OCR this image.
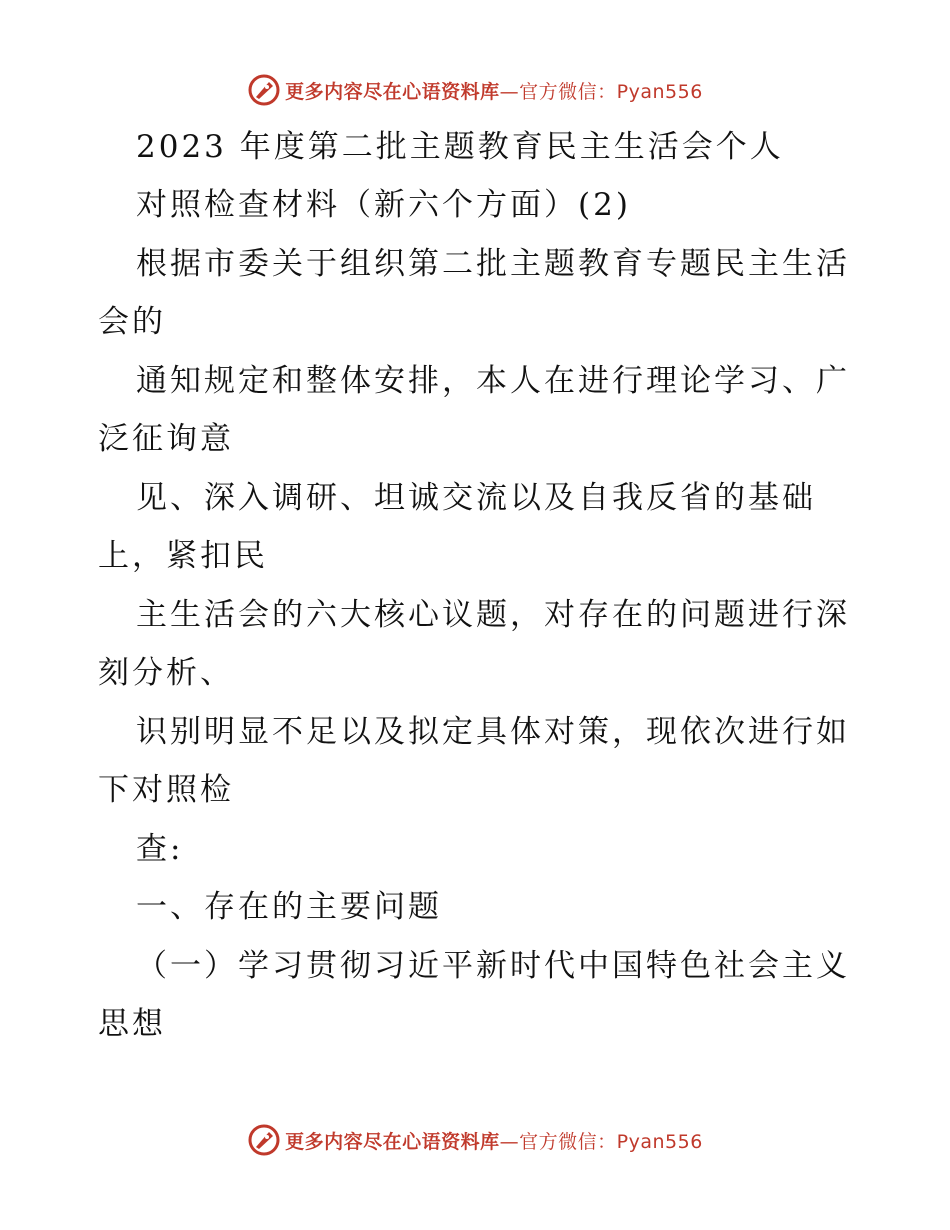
更多内容尽在心语资料库—官方微信：Pyan556
2023 年度第二批主题教育民主生活会个人
对照检查材料（新六个方面）(2)
根据市委关于组织第二批主题教育专题民主生活
会的
通知规定和整体安排，本人在进行理论学习、广
泛征询意
见、深入调研、坦诚交流以及自我反省的基础
上，紧扣民
主生活会的六大核心议题，对存在的问题进行深
刻分析、
识别明显不足以及拟定具体对策，现依次进行如
下对照检
查:
一、存在的主要问题
（一）学习贯彻习近平新时代中国特色社会主义
思想
更多内容尽在心语资料库—官方微信：Pyan556
